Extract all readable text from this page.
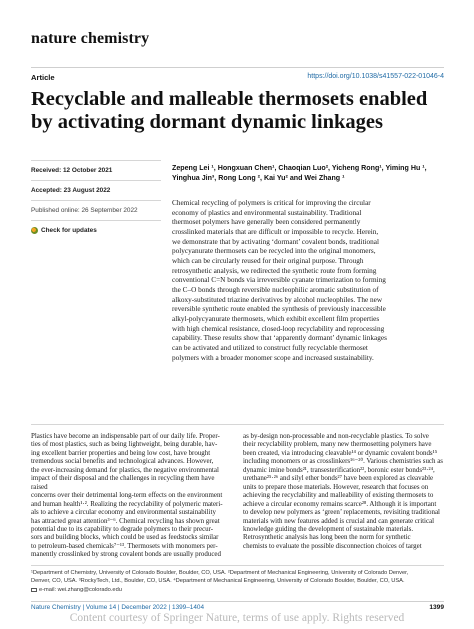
nature chemistry
Article	https://doi.org/10.1038/s41557-022-01046-4
Recyclable and malleable thermosets enabled by activating dormant dynamic linkages
Received: 12 October 2021
Accepted: 23 August 2022
Published online: 26 September 2022
Check for updates
Zepeng Lei ¹, Hongxuan Chen¹, Chaoqian Luo², Yicheng Rong¹, Yiming Hu ¹,
Yinghua Jin³, Rong Long ², Kai Yu² and Wei Zhang ¹
Chemical recycling of polymers is critical for improving the circular
economy of plastics and environmental sustainability. Traditional
thermoset polymers have generally been considered permanently
crosslinked materials that are difficult or impossible to recycle. Herein,
we demonstrate that by activating ‘dormant’ covalent bonds, traditional
polycyanurate thermosets can be recycled into the original monomers,
which can be circularly reused for their original purpose. Through
retrosynthetic analysis, we redirected the synthetic route from forming
conventional C=N bonds via irreversible cyanate trimerization to forming
the C–O bonds through reversible nucleophilic aromatic substitution of
alkoxy-substituted triazine derivatives by alcohol nucleophiles. The new
reversible synthetic route enabled the synthesis of previously inaccessible
alkyl-polycyanurate thermosets, which exhibit excellent film properties
with high chemical resistance, closed-loop recyclability and reprocessing
capability. These results show that ‘apparently dormant’ dynamic linkages
can be activated and utilized to construct fully recyclable thermoset
polymers with a broader monomer scope and increased sustainability.
Plastics have become an indispensable part of our daily life. Proper-
ties of most plastics, such as being lightweight, being durable, hav-
ing excellent barrier properties and being low cost, have brought
tremendous social benefits and technological advances. However,
the ever-increasing demand for plastics, the negative environmental
impact of their disposal and the challenges in recycling them have raised
concerns over their detrimental long-term effects on the environment
and human health¹·². Realizing the recyclability of polymeric materi-
als to achieve a circular economy and environmental sustainability
has attracted great attention³⁻⁶. Chemical recycling has shown great
potential due to its capability to degrade polymers to their precur-
sors and building blocks, which could be used as feedstocks similar
to petroleum-based chemicals⁷⁻¹³. Thermosets with monomers per-
manently crosslinked by strong covalent bonds are usually produced
as by-design non-processable and non-recyclable plastics. To solve
their recyclability problem, many new thermosetting polymers have
been created, via introducing cleavable¹⁴ or dynamic covalent bonds¹⁵
including monomers or as crosslinkers¹⁶⁻²⁰. Various chemistries such as
dynamic imine bonds²¹, transesterification²², boronic ester bonds²³·²⁴,
urethane²⁵·²⁶ and silyl ether bonds²⁷ have been explored as cleavable
units to prepare those materials. However, research that focuses on
achieving the recyclability and malleability of existing thermosets to
achieve a circular economy remains scarce²⁸. Although it is important
to develop new polymers as ‘green’ replacements, revisiting traditional
materials with new features added is crucial and can generate critical
knowledge guiding the development of sustainable materials.
Retrosynthetic analysis has long been the norm for synthetic
chemists to evaluate the possible disconnection choices of target
¹Department of Chemistry, University of Colorado Boulder, Boulder, CO, USA. ²Department of Mechanical Engineering, University of Colorado Denver,
Denver, CO, USA. ³RockyTech, Ltd., Boulder, CO, USA. ⁴Department of Mechanical Engineering, University of Colorado Boulder, Boulder, CO, USA.
e-mail: wei.zhang@colorado.edu
Nature Chemistry | Volume 14 | December 2022 | 1399–1404	1399
Content courtesy of Springer Nature, terms of use apply. Rights reserved
